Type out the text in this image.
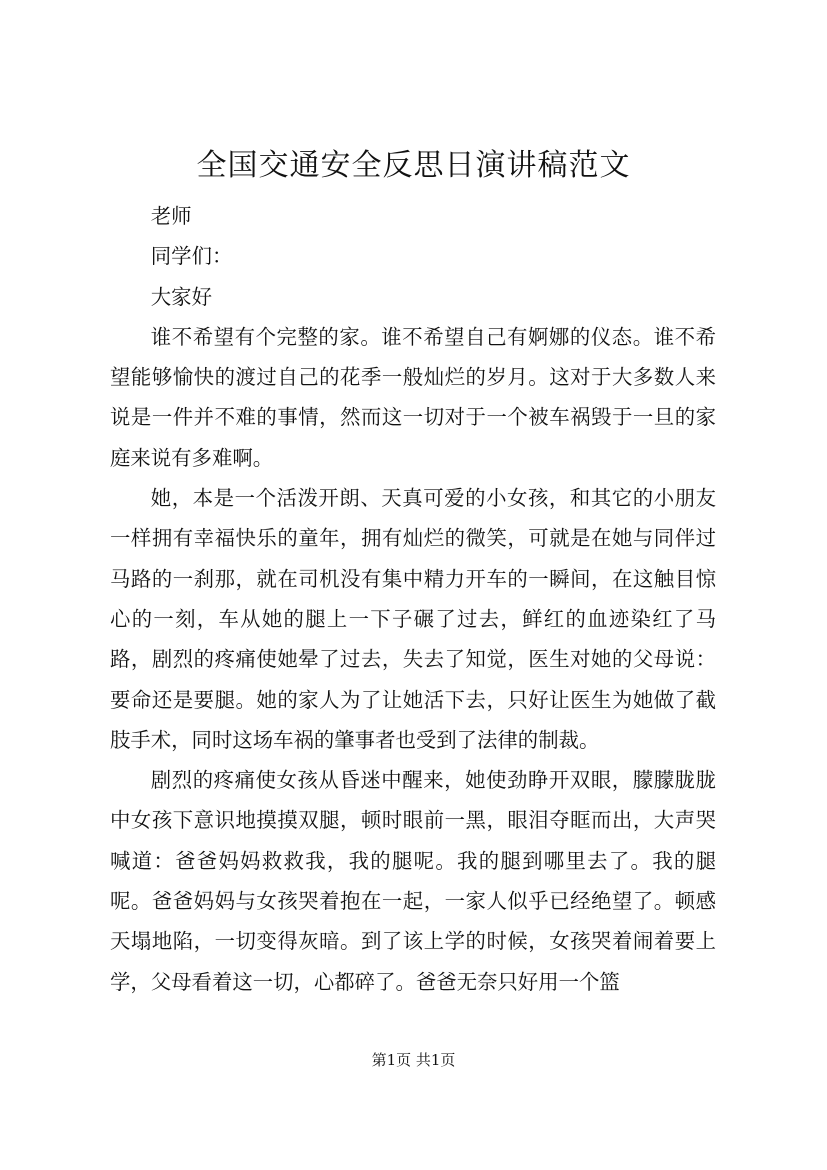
全国交通安全反思日演讲稿范文

老师

同学们：

大家好

谁不希望有个完整的家。谁不希望自己有婀娜的仪态。谁不希望能够愉快的渡过自己的花季一般灿烂的岁月。这对于大多数人来说是一件并不难的事情，然而这一切对于一个被车祸毁于一旦的家庭来说有多难啊。

她，本是一个活泼开朗、天真可爱的小女孩，和其它的小朋友一样拥有幸福快乐的童年，拥有灿烂的微笑，可就是在她与同伴过马路的一刹那，就在司机没有集中精力开车的一瞬间，在这触目惊心的一刻，车从她的腿上一下子碾了过去，鲜红的血迹染红了马路，剧烈的疼痛使她晕了过去，失去了知觉，医生对她的父母说：要命还是要腿。她的家人为了让她活下去，只好让医生为她做了截肢手术，同时这场车祸的肇事者也受到了法律的制裁。

剧烈的疼痛使女孩从昏迷中醒来，她使劲睁开双眼，朦朦胧胧中女孩下意识地摸摸双腿，顿时眼前一黑，眼泪夺眶而出，大声哭喊道：爸爸妈妈救救我，我的腿呢。我的腿到哪里去了。我的腿呢。爸爸妈妈与女孩哭着抱在一起，一家人似乎已经绝望了。顿感天塌地陷，一切变得灰暗。到了该上学的时候，女孩哭着闹着要上学，父母看着这一切，心都碎了。爸爸无奈只好用一个篮

第1页 共1页
